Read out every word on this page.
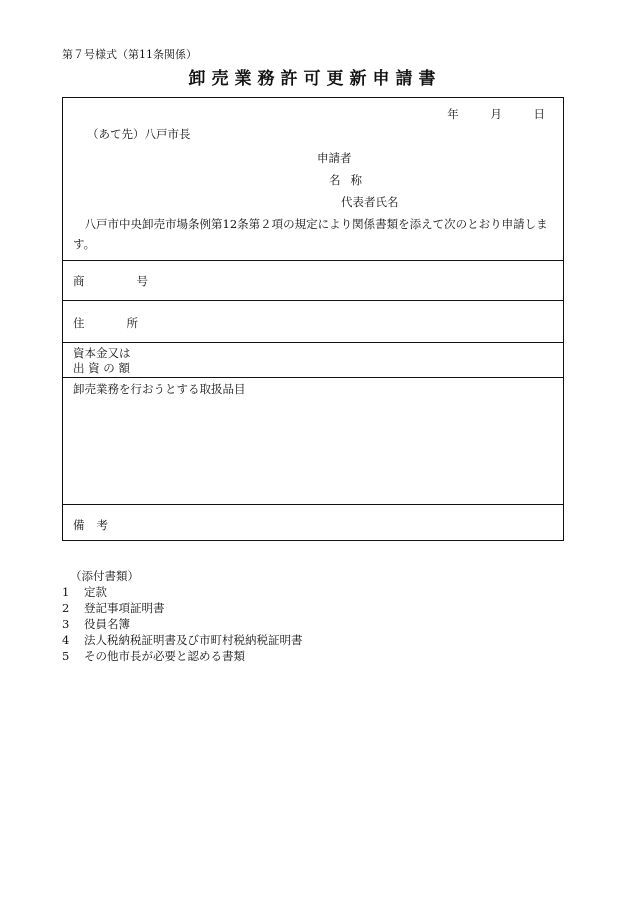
第７号様式（第11条関係）
卸売業務許可更新申請書
年	月	日
（あて先）八戸市長
申請者
名称
代表者氏名
八戸市中央卸売市場条例第12条第２項の規定により関係書類を添えて次のとおり申請します。
商	号
住	所
資本金又は
出 資 の 額
卸売業務を行おうとする取扱品目
備 考
（添付書類）
1 定款
2 登記事項証明書
3 役員名簿
4 法人税納税証明書及び市町村税納税証明書
5 その他市長が必要と認める書類
